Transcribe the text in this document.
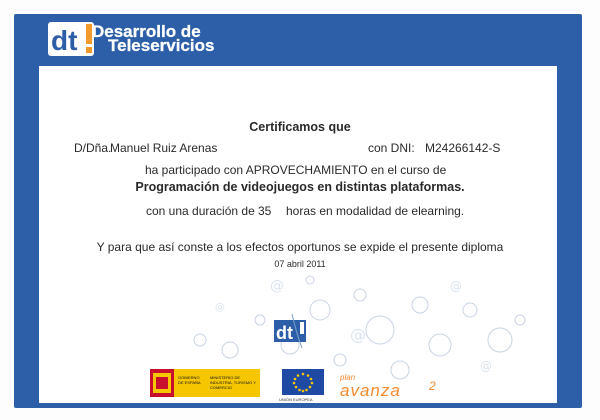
dt Desarrollo de
Teleservicios
@	@
@
@
@
Certificamos que
D/Dña.
Manuel Ruiz Arenas	con DNI: M24266142-S
ha participado con APROVECHAMIENTO en el curso de
Programación de videojuegos en distintas plataformas.
con una duración de 35 horas en modalidad de elearning.
Y para que así conste a los efectos oportunos se expide el presente diploma
07 abril 2011
dt
GOBIERNO
DE ESPAÑA
MINISTERIO DE INDUSTRIA, TURISMO Y COMERCIO
UNIÓN EUROPEA
plan
avanza 2
